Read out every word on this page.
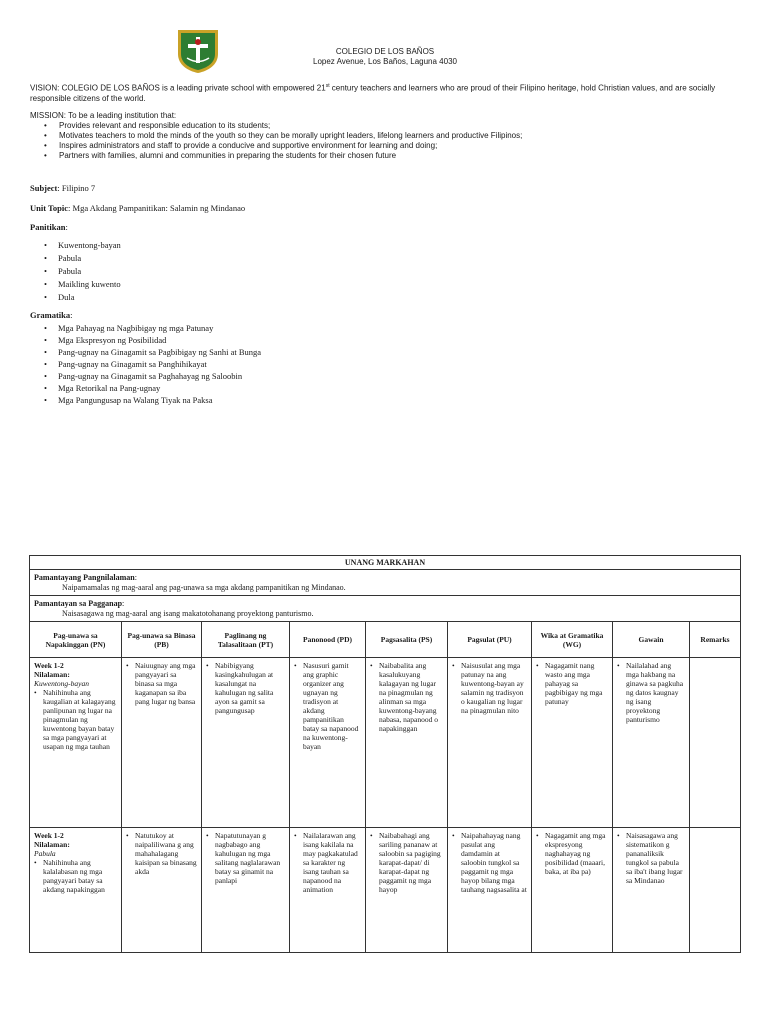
COLEGIO DE LOS BAÑOS
Lopez Avenue, Los Baños, Laguna 4030
VISION: COLEGIO DE LOS BAÑOS is a leading private school with empowered 21st century teachers and learners who are proud of their Filipino heritage, hold Christian values, and are socially responsible citizens of the world.
MISSION: To be a leading institution that:
• Provides relevant and responsible education to its students;
• Motivates teachers to mold the minds of the youth so they can be morally upright leaders, lifelong learners and productive Filipinos;
• Inspires administrators and staff to provide a conducive and supportive environment for learning and doing;
• Partners with families, alumni and communities in preparing the students for their chosen future
Subject: Filipino 7
Unit Topic: Mga Akdang Pampanitikan: Salamin ng Mindanao
Panitikan:
• Kuwentong-bayan
• Pabula
• Pabula
• Maikling kuwento
• Dula
Gramatika:
• Mga Pahayag na Nagbibigay ng mga Patunay
• Mga Ekspresyon ng Posibilidad
• Pang-ugnay na Ginagamit sa Pagbibigay ng Sanhi at Bunga
• Pang-ugnay na Ginagamit sa Panghihikayat
• Pang-ugnay na Ginagamit sa Paghahayag ng Saloobin
• Mga Retorikal na Pang-ugnay
• Mga Pangungusap na Walang Tiyak na Paksa
UNANG MARKAHAN								

Pamantayang Pangnilalaman:
Naipamamalas ng mag-aaral ang pag-unawa sa mga akdang pampanitikan ng Mindanao.								

Pamantayan sa Pagganap:
Naisasagawa ng mag-aaral ang isang makatotohanang proyektong panturismo.								

Pag-unawa sa Napakinggan (PN)	Pag-unawa sa Binasa (PB)	Paglinang ng Talasalitaan (PT)	Panonood (PD)	Pagsasalita (PS)	Pagsulat (PU)	Wika at Gramatika (WG)	Gawain	Remarks

Week 1-2
Nilalaman:
Kuwentong-bayan
• Nahihinuha ang kaugalian at kalagayang panlipunan ng lugar na pinagmulan ng kuwentong bayan batay sa mga pangyayari at usapan ng mga tauhan	• Naiuugnay ang mga pangyayari sa binasa sa mga kaganapan sa iba pang lugar ng bansa	• Nabibigyang kasingkahulugan at kasalungat na kahulugan ng salita ayon sa gamit sa pangungusap	• Nasusuri gamit ang graphic organizer ang ugnayan ng tradisyon at akdang pampanitikan batay sa napanood na kuwentong-bayan	• Naibabalita ang kasalukuyang kalagayan ng lugar na pinagmulan ng alinman sa mga kuwentong-bayang nabasa, napanood o napakinggan	• Naisusulat ang mga patunay na ang kuwentong-bayan ay salamin ng tradisyon o kaugalian ng lugar na pinagmulan nito	• Nagagamit nang wasto ang mga pahayag sa pagbibigay ng mga patunay	• Nailalahad ang mga hakbang na ginawa sa pagkuha ng datos kaugnay ng isang proyektong panturismo

Week 1-2
Nilalaman:
Pabula
• Nahihinuha ang kalalabasan ng mga pangyayari batay sa akdang napakinggan	• Natutukoy at naipaliliwana g ang mahahalagang kaisipan sa binasang akda	• Napatutunayan g nagbabago ang kahulugan ng mga salitang naglalarawan batay sa ginamit na panlapi	• Nailalarawan ang isang kakilala na may pagkakatulad sa karakter ng isang tauhan sa napanood na animation	• Naibabahagi ang sariling pananaw at saloobin sa pagiging karapat-dapat/ di karapat-dapat ng paggamit ng mga hayop	• Naipahahayag nang pasulat ang damdamin at saloobin tungkol sa paggamit ng mga hayop bilang mga tauhang nagsasalita at	• Nagagamit ang mga ekspresyong naghahayag ng posibilidad (maaari, baka, at iba pa)	• Naisasagawa ang sistematikon g pananaliksik tungkol sa pabula sa iba't ibang lugar sa Mindanao
